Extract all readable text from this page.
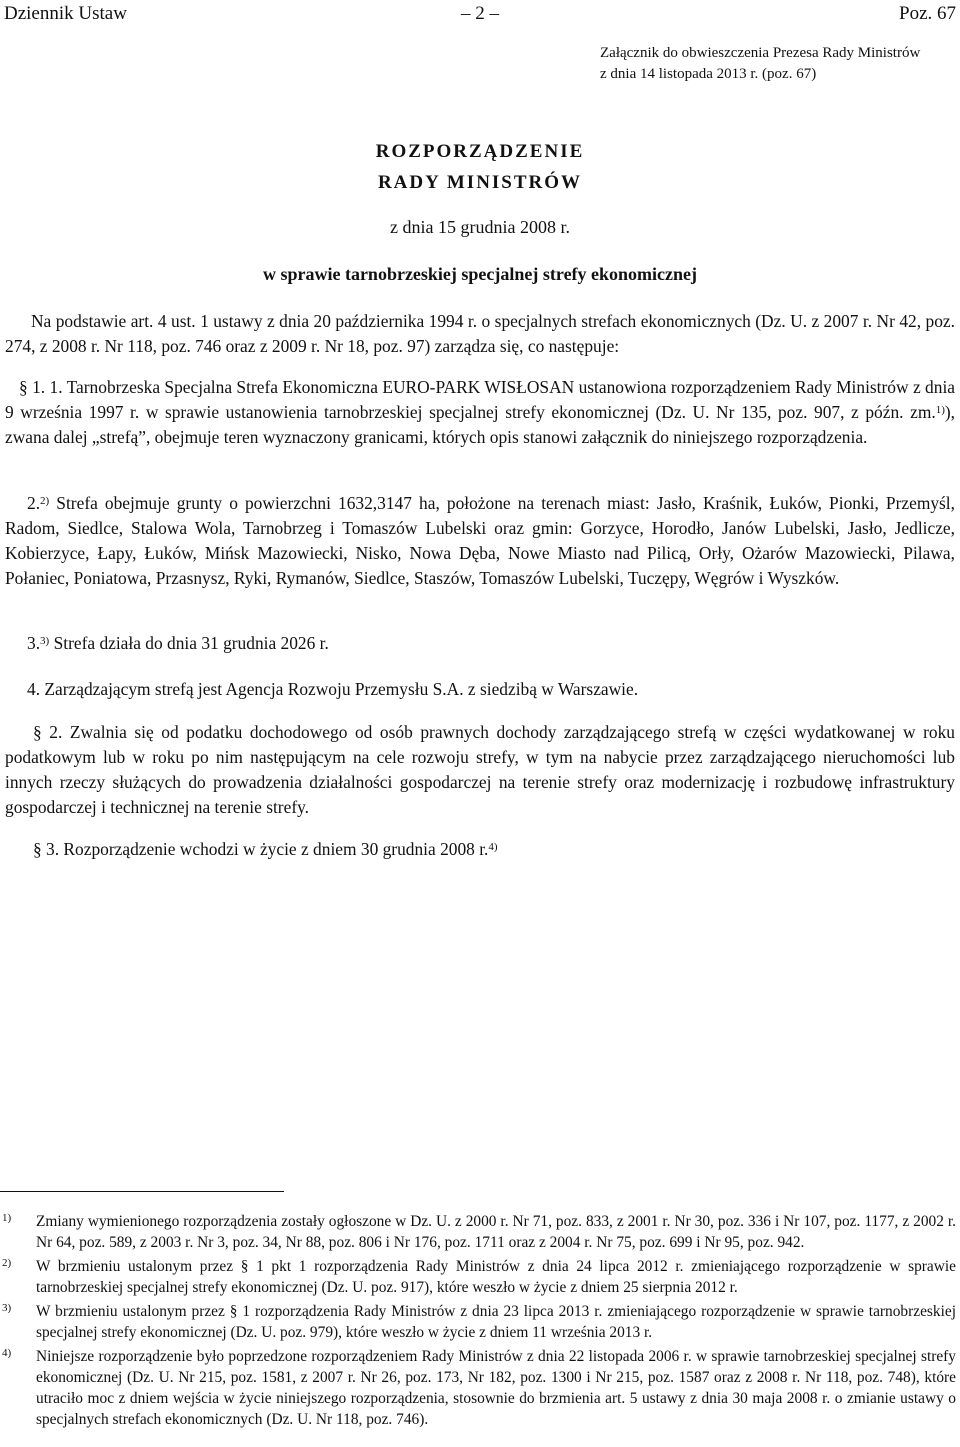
Dziennik Ustaw	– 2 –	Poz. 67
Załącznik do obwieszczenia Prezesa Rady Ministrów
z dnia 14 listopada 2013 r. (poz. 67)
ROZPORZĄDZENIE
RADY MINISTRÓW
z dnia 15 grudnia 2008 r.
w sprawie tarnobrzeskiej specjalnej strefy ekonomicznej
Na podstawie art. 4 ust. 1 ustawy z dnia 20 października 1994 r. o specjalnych strefach ekonomicznych (Dz. U. z 2007 r. Nr 42, poz. 274, z 2008 r. Nr 118, poz. 746 oraz z 2009 r. Nr 18, poz. 97) zarządza się, co następuje:
§ 1. 1. Tarnobrzeska Specjalna Strefa Ekonomiczna EURO-PARK WISŁOSAN ustanowiona rozporządzeniem Rady Ministrów z dnia 9 września 1997 r. w sprawie ustanowienia tarnobrzeskiej specjalnej strefy ekonomicznej (Dz. U. Nr 135, poz. 907, z późn. zm.$^{1)}$), zwana dalej „strefą”, obejmuje teren wyznaczony granicami, których opis stanowi załącznik do niniejszego rozporządzenia.
2.$^{2)}$ Strefa obejmuje grunty o powierzchni 1632,3147 ha, położone na terenach miast: Jasło, Kraśnik, Łuków, Pionki, Przemyśl, Radom, Siedlce, Stalowa Wola, Tarnobrzeg i Tomaszów Lubelski oraz gmin: Gorzyce, Horodło, Janów Lubelski, Jasło, Jedlicze, Kobierzyce, Łapy, Łuków, Mińsk Mazowiecki, Nisko, Nowa Dęba, Nowe Miasto nad Pilicą, Orły, Ożarów Mazowiecki, Pilawa, Połaniec, Poniatowa, Przasnysz, Ryki, Rymanów, Siedlce, Staszów, Tomaszów Lubelski, Tuczępy, Węgrów i Wyszków.
3.$^{3)}$ Strefa działa do dnia 31 grudnia 2026 r.
4. Zarządzającym strefą jest Agencja Rozwoju Przemysłu S.A. z siedzibą w Warszawie.
§ 2. Zwalnia się od podatku dochodowego od osób prawnych dochody zarządzającego strefą w części wydatkowanej w roku podatkowym lub w roku po nim następującym na cele rozwoju strefy, w tym na nabycie przez zarządzającego nieruchomości lub innych rzeczy służących do prowadzenia działalności gospodarczej na terenie strefy oraz modernizację i rozbudowę infrastruktury gospodarczej i technicznej na terenie strefy.
§ 3. Rozporządzenie wchodzi w życie z dniem 30 grudnia 2008 r.$^{4)}$
1) Zmiany wymienionego rozporządzenia zostały ogłoszone w Dz. U. z 2000 r. Nr 71, poz. 833, z 2001 r. Nr 30, poz. 336 i Nr 107, poz. 1177, z 2002 r. Nr 64, poz. 589, z 2003 r. Nr 3, poz. 34, Nr 88, poz. 806 i Nr 176, poz. 1711 oraz z 2004 r. Nr 75, poz. 699 i Nr 95, poz. 942.
2) W brzmieniu ustalonym przez § 1 pkt 1 rozporządzenia Rady Ministrów z dnia 24 lipca 2012 r. zmieniającego rozporządzenie w sprawie tarnobrzeskiej specjalnej strefy ekonomicznej (Dz. U. poz. 917), które weszło w życie z dniem 25 sierpnia 2012 r.
3) W brzmieniu ustalonym przez § 1 rozporządzenia Rady Ministrów z dnia 23 lipca 2013 r. zmieniającego rozporządzenie w sprawie tarnobrzeskiej specjalnej strefy ekonomicznej (Dz. U. poz. 979), które weszło w życie z dniem 11 września 2013 r.
4) Niniejsze rozporządzenie było poprzedzone rozporządzeniem Rady Ministrów z dnia 22 listopada 2006 r. w sprawie tarnobrzeskiej specjalnej strefy ekonomicznej (Dz. U. Nr 215, poz. 1581, z 2007 r. Nr 26, poz. 173, Nr 182, poz. 1300 i Nr 215, poz. 1587 oraz z 2008 r. Nr 118, poz. 748), które utraciło moc z dniem wejścia w życie niniejszego rozporządzenia, stosownie do brzmienia art. 5 ustawy z dnia 30 maja 2008 r. o zmianie ustawy o specjalnych strefach ekonomicznych (Dz. U. Nr 118, poz. 746).
